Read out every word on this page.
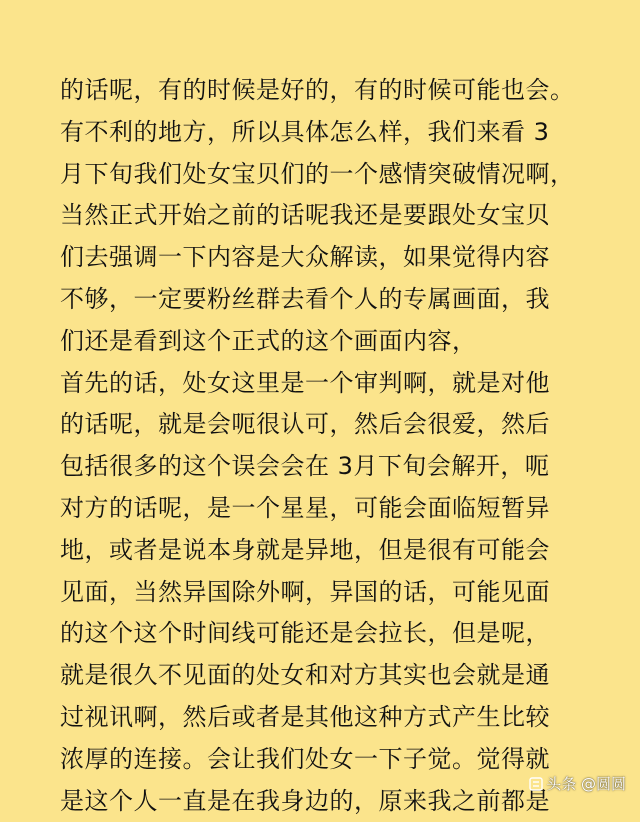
的话呢，有的时候是好的，有的时候可能也会。
有不利的地方，所以具体怎么样，我们来看 3
月下旬我们处女宝贝们的一个感情突破情况啊，
当然正式开始之前的话呢我还是要跟处女宝贝
们去强调一下内容是大众解读，如果觉得内容
不够，一定要粉丝群去看个人的专属画面，我
们还是看到这个正式的这个画面内容，
首先的话，处女这里是一个审判啊，就是对他
的话呢，就是会呃很认可，然后会很爱，然后
包括很多的这个误会会在 3月下旬会解开，呃
对方的话呢，是一个星星，可能会面临短暂异
地，或者是说本身就是异地，但是很有可能会
见面，当然异国除外啊，异国的话，可能见面
的这个这个时间线可能还是会拉长，但是呢，
就是很久不见面的处女和对方其实也会就是通
过视讯啊，然后或者是其他这种方式产生比较
浓厚的连接。会让我们处女一下子觉。觉得就
是这个人一直是在我身边的，原来我之前都是
头条 @圆圆
